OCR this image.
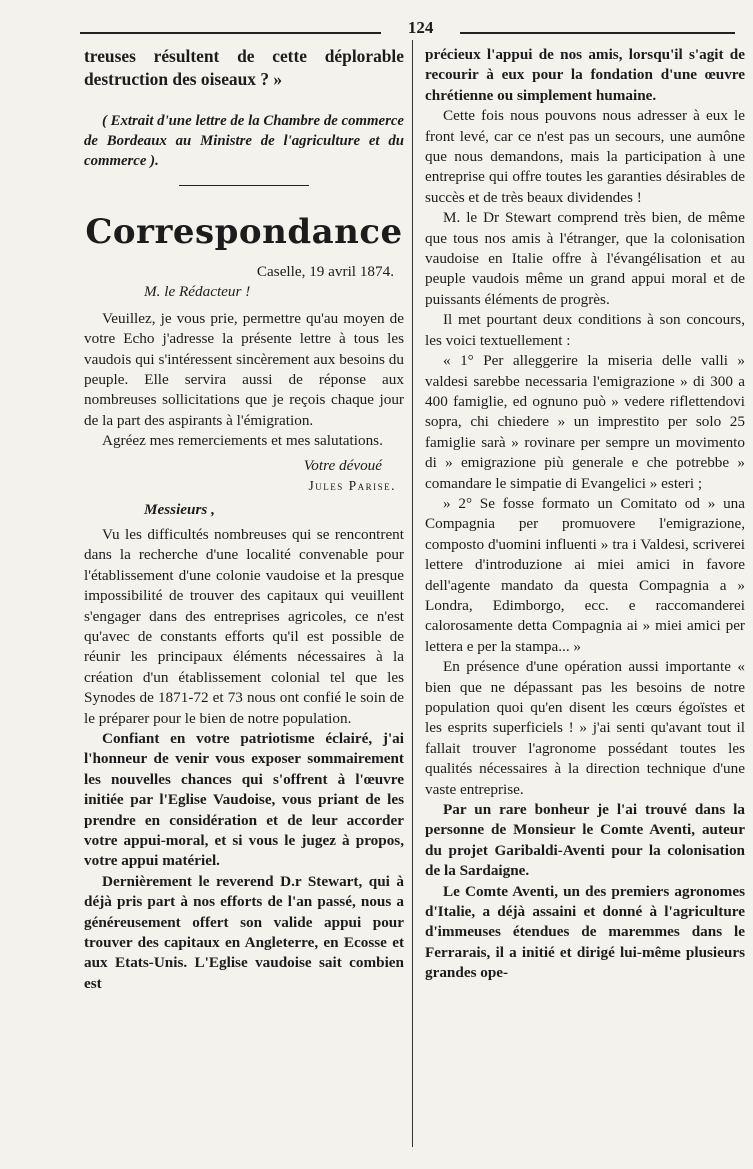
124

treuses résultent de cette déplorable destruction des oiseaux ? »

( Extrait d'une lettre de la Chambre de commerce de Bordeaux au Ministre de l'agriculture et du commerce ).

Correspondance

Caselle, 19 avril 1874.

M. le Rédacteur !

Veuillez, je vous prie, permettre qu'au moyen de votre Echo j'adresse la présente lettre à tous les vaudois qui s'intéressent sincèrement aux besoins du peuple. Elle servira aussi de réponse aux nombreuses sollicitations que je reçois chaque jour de la part des aspirants à l'émigration.

Agréez mes remerciements et mes salutations.

Votre dévoué

Jules Parise.

Messieurs ,

Vu les difficultés nombreuses qui se rencontrent dans la recherche d'une localité convenable pour l'établissement d'une colonie vaudoise et la presque impossibilité de trouver des capitaux qui veuillent s'engager dans des entreprises agricoles, ce n'est qu'avec de constants efforts qu'il est possible de réunir les principaux éléments nécessaires à la création d'un établissement colonial tel que les Synodes de 1871-72 et 73 nous ont confié le soin de le préparer pour le bien de notre population.

Confiant en votre patriotisme éclairé, j'ai l'honneur de venir vous exposer sommairement les nouvelles chances qui s'offrent à l'œuvre initiée par l'Eglise Vaudoise, vous priant de les prendre en considération et de leur accorder votre appui-moral, et si vous le jugez à propos, votre appui matériel.

Dernièrement le reverend D.r Stewart, qui à déjà pris part à nos efforts de l'an passé, nous a généreusement offert son valide appui pour trouver des capitaux en Angleterre, en Ecosse et aux Etats-Unis. L'Eglise vaudoise sait combien est

précieux l'appui de nos amis, lorsqu'il s'agit de recourir à eux pour la fondation d'une œuvre chrétienne ou simplement humaine.

Cette fois nous pouvons nous adresser à eux le front levé, car ce n'est pas un secours, une aumône que nous demandons, mais la participation à une entreprise qui offre toutes les garanties désirables de succès et de très beaux dividendes !

M. le Dr Stewart comprend très bien, de même que tous nos amis à l'étranger, que la colonisation vaudoise en Italie offre à l'évangélisation et au peuple vaudois même un grand appui moral et de puissants éléments de progrès.

Il met pourtant deux conditions à son concours, les voici textuellement :

« 1° Per alleggerire la miseria delle valli » valdesi sarebbe necessaria l'emigrazione » di 300 a 400 famiglie, ed ognuno può » vedere riflettendovi sopra, chi chiedere » un imprestito per solo 25 famiglie sarà » rovinare per sempre un movimento di » emigrazione più generale e che potrebbe » comandare le simpatie di Evangelici » esteri ;

» 2° Se fosse formato un Comitato od » una Compagnia per promuovere l'emigrazione, composto d'uomini influenti » tra i Valdesi, scriverei lettere d'introduzione ai miei amici in favore dell'agente mandato da questa Compagnia a » Londra, Edimborgo, ecc. e raccomanderei calorosamente detta Compagnia ai » miei amici per lettera e per la stampa... »

En présence d'une opération aussi importante « bien que ne dépassant pas les besoins de notre population quoi qu'en disent les cœurs égoïstes et les esprits superficiels ! » j'ai senti qu'avant tout il fallait trouver l'agronome possédant toutes les qualités nécessaires à la direction technique d'une vaste entreprise.

Par un rare bonheur je l'ai trouvé dans la personne de Monsieur le Comte Aventi, auteur du projet Garibaldi-Aventi pour la colonisation de la Sardaigne.

Le Comte Aventi, un des premiers agronomes d'Italie, a déjà assaini et donné à l'agriculture d'immeuses étendues de maremmes dans le Ferrarais, il a initié et dirigé lui-même plusieurs grandes ope-
